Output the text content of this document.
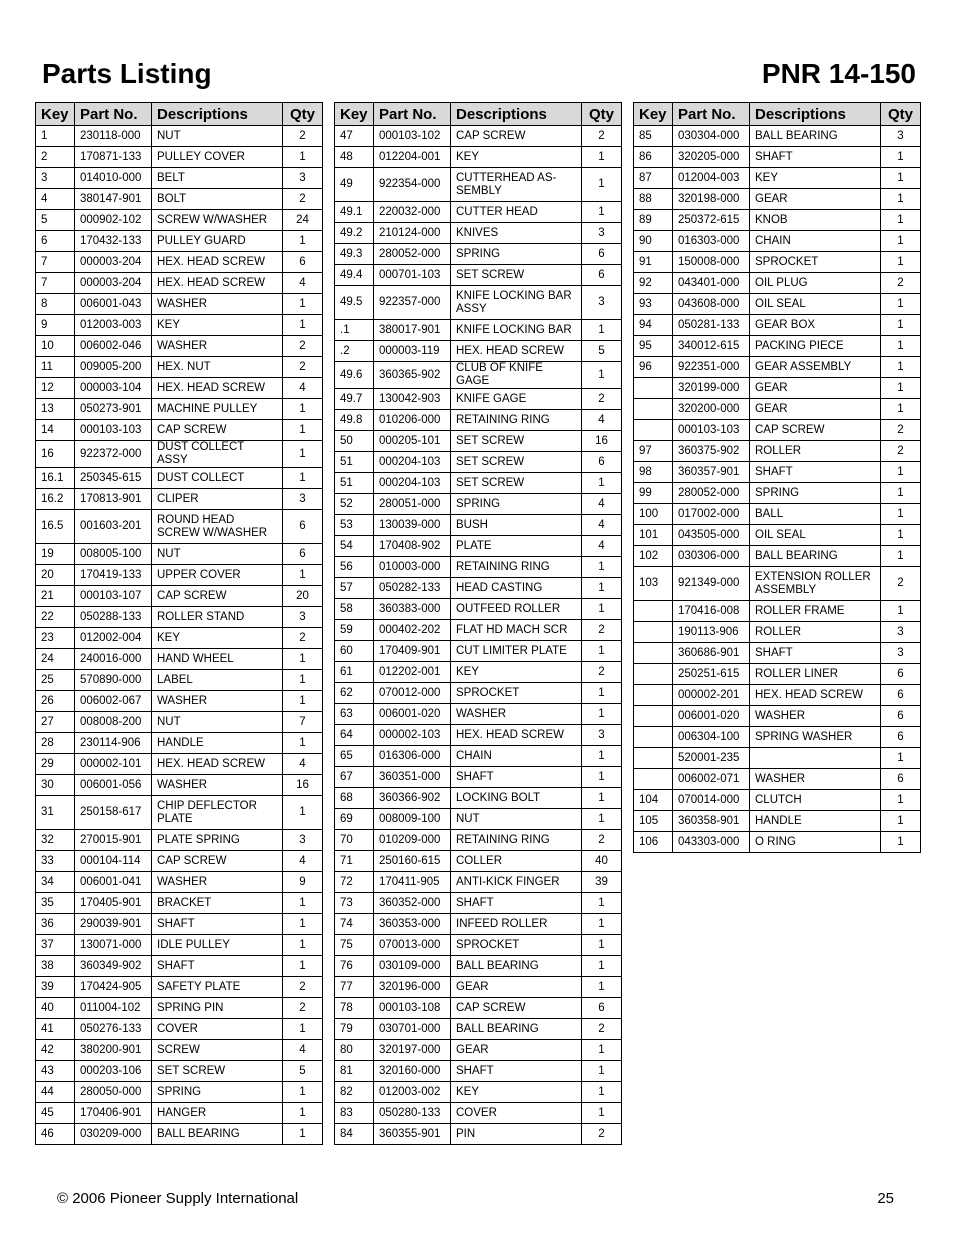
Parts Listing	PNR 14-150
Key	Part No.	Descriptions	Qty
1	230118-000	NUT	2
2	170871-133	PULLEY COVER	1
3	014010-000	BELT	3
4	380147-901	BOLT	2
5	000902-102	SCREW W/WASHER	24
6	170432-133	PULLEY GUARD	1
7	000003-204	HEX. HEAD SCREW	6
7	000003-204	HEX. HEAD SCREW	4
8	006001-043	WASHER	1
9	012003-003	KEY	1
10	006002-046	WASHER	2
11	009005-200	HEX. NUT	2
12	000003-104	HEX. HEAD SCREW	4
13	050273-901	MACHINE PULLEY	1
14	000103-103	CAP SCREW	1
16	922372-000	DUST COLLECT ASSY	1
16.1	250345-615	DUST COLLECT	1
16.2	170813-901	CLIPER	3
16.5	001603-201	ROUND HEAD SCREW W/WASHER	6
19	008005-100	NUT	6
20	170419-133	UPPER COVER	1
21	000103-107	CAP SCREW	20
22	050288-133	ROLLER STAND	3
23	012002-004	KEY	2
24	240016-000	HAND WHEEL	1
25	570890-000	LABEL	1
26	006002-067	WASHER	1
27	008008-200	NUT	7
28	230114-906	HANDLE	1
29	000002-101	HEX. HEAD SCREW	4
30	006001-056	WASHER	16
31	250158-617	CHIP DEFLECTOR PLATE	1
32	270015-901	PLATE SPRING	3
33	000104-114	CAP SCREW	4
34	006001-041	WASHER	9
35	170405-901	BRACKET	1
36	290039-901	SHAFT	1
37	130071-000	IDLE PULLEY	1
38	360349-902	SHAFT	1
39	170424-905	SAFETY PLATE	2
40	011004-102	SPRING PIN	2
41	050276-133	COVER	1
42	380200-901	SCREW	4
43	000203-106	SET SCREW	5
44	280050-000	SPRING	1
45	170406-901	HANGER	1
46	030209-000	BALL BEARING	1
Key	Part No.	Descriptions	Qty
47	000103-102	CAP SCREW	2
48	012204-001	KEY	1
49	922354-000	CUTTERHEAD AS-SEMBLY	1
49.1	220032-000	CUTTER HEAD	1
49.2	210124-000	KNIVES	3
49.3	280052-000	SPRING	6
49.4	000701-103	SET SCREW	6
49.5	922357-000	KNIFE LOCKING BAR ASSY	3
.1	380017-901	KNIFE LOCKING BAR	1
.2	000003-119	HEX. HEAD SCREW	5
49.6	360365-902	CLUB OF KNIFE GAGE	1
49.7	130042-903	KNIFE GAGE	2
49.8	010206-000	RETAINING RING	4
50	000205-101	SET SCREW	16
51	000204-103	SET SCREW	6
51	000204-103	SET SCREW	1
52	280051-000	SPRING	4
53	130039-000	BUSH	4
54	170408-902	PLATE	4
56	010003-000	RETAINING RING	1
57	050282-133	HEAD CASTING	1
58	360383-000	OUTFEED ROLLER	1
59	000402-202	FLAT HD MACH SCR	2
60	170409-901	CUT LIMITER PLATE	1
61	012202-001	KEY	2
62	070012-000	SPROCKET	1
63	006001-020	WASHER	1
64	000002-103	HEX. HEAD SCREW	3
65	016306-000	CHAIN	1
67	360351-000	SHAFT	1
68	360366-902	LOCKING BOLT	1
69	008009-100	NUT	1
70	010209-000	RETAINING RING	2
71	250160-615	COLLER	40
72	170411-905	ANTI-KICK FINGER	39
73	360352-000	SHAFT	1
74	360353-000	INFEED ROLLER	1
75	070013-000	SPROCKET	1
76	030109-000	BALL BEARING	1
77	320196-000	GEAR	1
78	000103-108	CAP SCREW	6
79	030701-000	BALL BEARING	2
80	320197-000	GEAR	1
81	320160-000	SHAFT	1
82	012003-002	KEY	1
83	050280-133	COVER	1
84	360355-901	PIN	2
Key	Part No.	Descriptions	Qty
85	030304-000	BALL BEARING	3
86	320205-000	SHAFT	1
87	012004-003	KEY	1
88	320198-000	GEAR	1
89	250372-615	KNOB	1
90	016303-000	CHAIN	1
91	150008-000	SPROCKET	1
92	043401-000	OIL PLUG	2
93	043608-000	OIL SEAL	1
94	050281-133	GEAR BOX	1
95	340012-615	PACKING PIECE	1
96	922351-000	GEAR ASSEMBLY	1
	320199-000	GEAR	1
	320200-000	GEAR	1
	000103-103	CAP SCREW	2
97	360375-902	ROLLER	2
98	360357-901	SHAFT	1
99	280052-000	SPRING	1
100	017002-000	BALL	1
101	043505-000	OIL SEAL	1
102	030306-000	BALL BEARING	1
103	921349-000	EXTENSION ROLLER ASSEMBLY	2
	170416-008	ROLLER FRAME	1
	190113-906	ROLLER	3
	360686-901	SHAFT	3
	250251-615	ROLLER LINER	6
	000002-201	HEX. HEAD SCREW	6
	006001-020	WASHER	6
	006304-100	SPRING WASHER	6
	520001-235		1
	006002-071	WASHER	6
104	070014-000	CLUTCH	1
105	360358-901	HANDLE	1
106	043303-000	O RING	1
© 2006 Pioneer Supply International	25
